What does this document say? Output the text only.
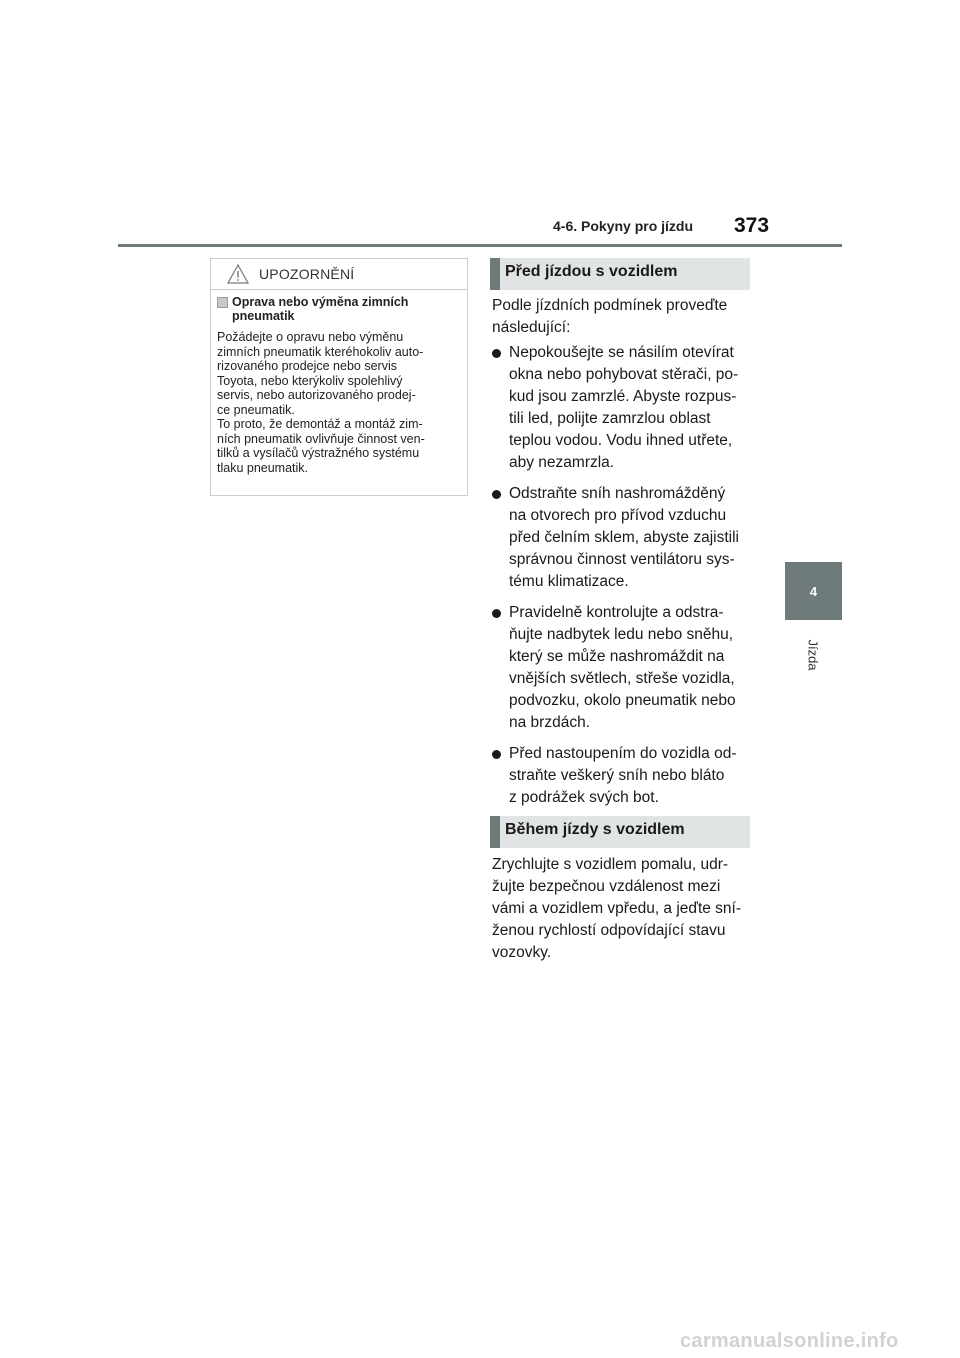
4-6. Pokyny pro jízdu 373
4
Jízda
UPOZORNĚNÍ
Oprava nebo výměna zimních pneumatik
Požádejte o opravu nebo výměnu
zimních pneumatik kteréhokoliv auto-
rizovaného prodejce nebo servis
Toyota, nebo kterýkoliv spolehlivý
servis, nebo autorizovaného prodej-
ce pneumatik.
To proto, že demontáž a montáž zim-
ních pneumatik ovlivňuje činnost ven-
tilků a vysílačů výstražného systému
tlaku pneumatik.
Před jízdou s vozidlem
Podle jízdních podmínek proveďte
následující:
Nepokoušejte se násilím otevírat
okna nebo pohybovat stěrači, po-
kud jsou zamrzlé. Abyste rozpus-
tili led, polijte zamrzlou oblast
teplou vodou. Vodu ihned utřete,
aby nezamrzla.
Odstraňte sníh nashromážděný
na otvorech pro přívod vzduchu
před čelním sklem, abyste zajistili
správnou činnost ventilátoru sys-
tému klimatizace.
Pravidelně kontrolujte a odstra-
ňujte nadbytek ledu nebo sněhu,
který se může nashromáždit na
vnějších světlech, střeše vozidla,
podvozku, okolo pneumatik nebo
na brzdách.
Před nastoupením do vozidla od-
straňte veškerý sníh nebo bláto
z podrážek svých bot.
Během jízdy s vozidlem
Zrychlujte s vozidlem pomalu, udr-
žujte bezpečnou vzdálenost mezi
vámi a vozidlem vpředu, a jeďte sní-
ženou rychlostí odpovídající stavu
vozovky.
carmanualsonline.info
